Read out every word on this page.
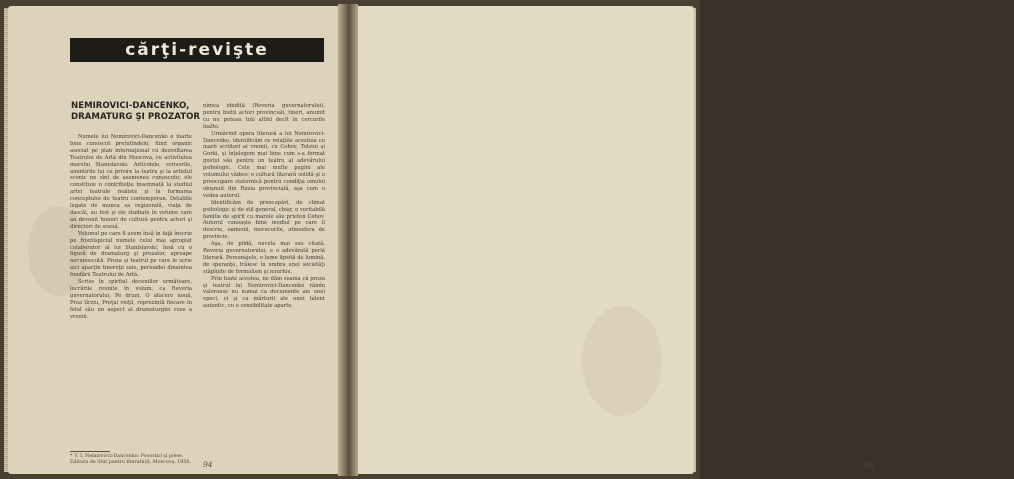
cărţi-revişte
NEMIROVICI-DANCENKO, DRAMATURG ŞI PROZATOR

Numele lui Nemirovici-Dancenko e foarte bine cunoscut pretutindeni, fiind organic asociat pe plan internaţional cu dezvoltarea Teatrului de Artă din Moscova, cu activitatea marelui Stanislavski. Articolele, scrisorile, amintirile lui cu privire la teatru şi la artistul scenic ne sînt de asemenea cunoscute; ele constituie o contribuţie însemnată la studiul artei teatrale realiste şi la formarea conceptului de teatru contemporan. Detaliile legate de munca sa regizorală, viaţa de dascăl, au fost şi ele studiate în volume care au devenit bunuri de cultură pentru actori şi directori de scenă.

Volumul pe care îl avem însă în faţă înscrie pe frontispiciul numele celui mai apropiat colaborator al lui Stanislavski, însă cu o figură de dramaturg şi prozator, aproape necunoscută. Proza şi teatrul pe care le scrie aici aparţin tinereţii sale, perioadei dinaintea fondării Teatrului de Artă.

Scrise în spiritul deceniilor următoare, lucrările reunite în volum, ca Reveria guvernatorului, Pe drum, O afacere nouă, Prea tîrziu, Preţul vieţii, reprezintă fiecare în felul său un aspect al dramaturgiei ruse a vremii.

nimea obidită (Reveria guvernatorului), pentru bietii actori provinciali, tineri, anumit cu nu puteau trăi altfel decît în cercurile înalte.

Urmărind opera literară a lui Nemirovici-Dancenko, identificăm ce relaţiile acestuia cu marii scriitori ai vremii, cu Cehov, Tolstoi şi Gorki, şi înţelegem mai bine cum s-a format gustul său pentru un teatru al adevărului psihologic. Cele mai multe pagini ale volumului vădesc o cultură literară solidă şi o preocupare statornică pentru condiţia omului obişnuit din Rusia provincială, aşa cum o vedea autorul.

Identificăm de preocupări, de climat psihologic şi de stil general, chiar, o veritabilă familie de spirit cu marele său prieten Cehov. Autorul cunoaşte bine mediul pe care îl descrie, oamenii, moravurile, atmosfera de provincie.

Aşa, de pildă, nuvela mai sus citată, Reveria guvernatorului, e o adevărată perlă literară. Personajele, o lume lipsită de lumină, de speranţe, trăiesc în umbra unei societăţi stăpînite de formalism şi ierarhie.

Prin toate acestea, ne dăm seama că proza şi teatrul lui Nemirovici-Dancenko rămîn valoroase nu numai ca documente ale unei epoci, ci şi ca mărturii ale unui talent autentic, cu o sensibilitate aparte.

* V. I. Nemirovici-Dancenko: Povestiri şi piese. Editura de Stat pentru literatură, Moscova, 1958. 94

nu dialoguri prea lungite, obiective şi surprinse pe loc, care surprind timpul însuşi. Eroii lui, oameni de înaltă culegere, sînt puşi în situaţii care îi obligă să-şi dezvăluie firea, gîndurile, aspiraţiile.

Pe scenariul cunoscut, autorul urmăreşte conflicte care par mărunte, dar care ascund drame profunde. Actorii cu care a lucrat au găsit în textele sale materialul viu necesar unor creaţii durabile, iar regizorii au putut pune în lumină calităţile lor scenice.

Pentru Nemirovici-Dancenko, problema şi conflictul dramatic se nasc din adevărul vieţii, din împrejurări pe care publicul le recunoaşte uşor. Dialogul, sobru şi firesc, are o funcţie dramatică precisă, iar personajele se definesc prin acţiunile lor.

Puterea de sugestie a situaţiilor creat de dramaturg este aici remarcabilă. El izbuteşte să înfăţişeze cu multă forţă conflictele morale, zbuciumul interior al oamenilor puşi în faţa unor alegeri grele.

Reluînd momentele importante şi semnificative ale piesei, constatăm că fiecare scenă contribuie la conturarea caracterelor şi la creşterea tensiunii dramatice, pînă la deznodămîntul pe care spectatorul îl aşteaptă şi care totuşi îl surprinde.

dincolo de scenă este tensiunea unei lumi care, a majorităţii lor, apare mai puţin izbitoare.

Deşi în Reveria guvernatorului accentul cade pe caracterizarea socială, autorul nu neglijează nici nuanţele psihologice, nici detaliile de atmosferă care dau viaţă întregii acţiuni.

Personajul central al piesei O afacere nouă este un om întreprinzător, lipsit de scrupule, tipic pentru o categorie socială aflată atunci în plină ascensiune. Dramaturgul îl priveşte cu ironie, dar fără caricatură.

Preţul vieţii, piesa cea mai cunoscută a autorului, a fost distinsă la vremea ei cu premiul Griboedov, pe care Nemirovici-Dancenko l-a cedat însă lui Cehov, pentru Pescăruşul. Gestul spune mult despre omul şi artistul care a fost.

Pînă de a sfîrşi, volumul acesta ne ajută să cunoaştem mai bine una dintre figurile proeminente ale teatrului rus şi universal, ale cărei preocupări literare au precedat şi au pregătit marea sa activitate regizorală.

95
